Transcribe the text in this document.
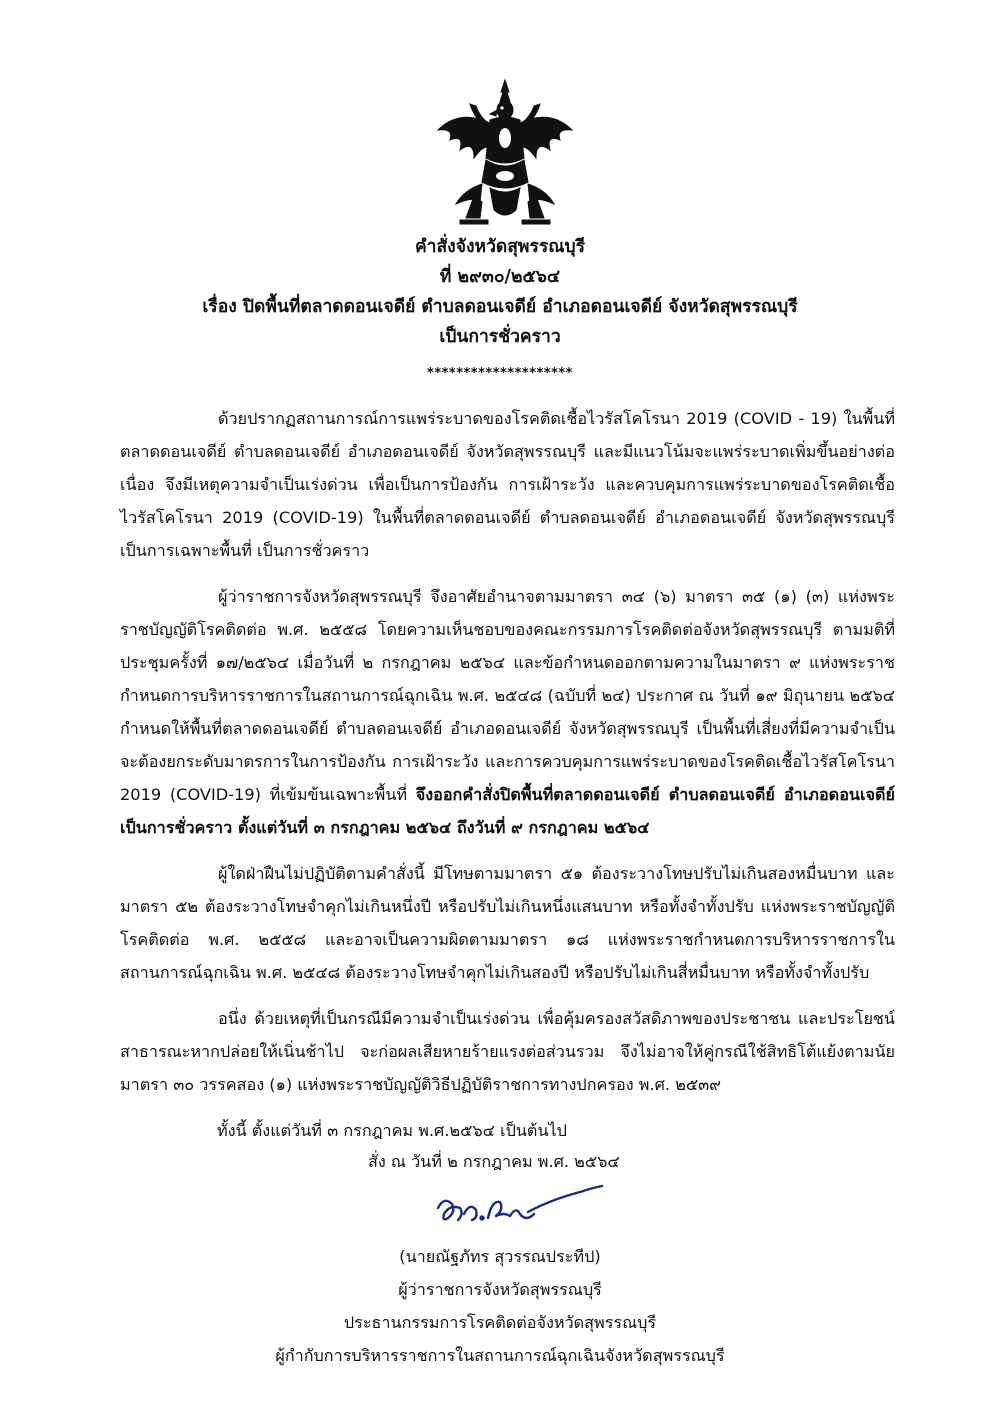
คำสั่งจังหวัดสุพรรณบุรี
ที่ ๒๙๓๐/๒๕๖๔
เรื่อง ปิดพื้นที่ตลาดดอนเจดีย์ ตำบลดอนเจดีย์ อำเภอดอนเจดีย์ จังหวัดสุพรรณบุรี
เป็นการชั่วคราว
********************

ด้วยปรากฏสถานการณ์การแพร่ระบาดของโรคติดเชื้อไวรัสโคโรนา 2019 (COVID - 19) ในพื้นที่ตลาดดอนเจดีย์ ตำบลดอนเจดีย์ อำเภอดอนเจดีย์ จังหวัดสุพรรณบุรี และมีแนวโน้มจะแพร่ระบาดเพิ่มขึ้นอย่างต่อเนื่อง จึงมีเหตุความจำเป็นเร่งด่วน เพื่อเป็นการป้องกัน การเฝ้าระวัง และควบคุมการแพร่ระบาดของโรคติดเชื้อไวรัสโคโรนา 2019 (COVID-19) ในพื้นที่ตลาดดอนเจดีย์ ตำบลดอนเจดีย์ อำเภอดอนเจดีย์ จังหวัดสุพรรณบุรี เป็นการเฉพาะพื้นที่ เป็นการชั่วคราว

ผู้ว่าราชการจังหวัดสุพรรณบุรี จึงอาศัยอำนาจตามมาตรา ๓๔ (๖) มาตรา ๓๕ (๑) (๓) แห่งพระราชบัญญัติโรคติดต่อ พ.ศ. ๒๕๕๘ โดยความเห็นชอบของคณะกรรมการโรคติดต่อจังหวัดสุพรรณบุรี ตามมติที่ประชุมครั้งที่ ๑๗/๒๕๖๔ เมื่อวันที่ ๒ กรกฎาคม ๒๕๖๔ และข้อกำหนดออกตามความในมาตรา ๙ แห่งพระราชกำหนดการบริหารราชการในสถานการณ์ฉุกเฉิน พ.ศ. ๒๕๔๘ (ฉบับที่ ๒๔) ประกาศ ณ วันที่ ๑๙ มิถุนายน ๒๕๖๔ กำหนดให้พื้นที่ตลาดดอนเจดีย์ ตำบลดอนเจดีย์ อำเภอดอนเจดีย์ จังหวัดสุพรรณบุรี เป็นพื้นที่เสี่ยงที่มีความจำเป็นจะต้องยกระดับมาตรการในการป้องกัน การเฝ้าระวัง และการควบคุมการแพร่ระบาดของโรคติดเชื้อไวรัสโคโรนา 2019 (COVID-19) ที่เข้มข้นเฉพาะพื้นที่ จึงออกคำสั่งปิดพื้นที่ตลาดดอนเจดีย์ ตำบลดอนเจดีย์ อำเภอดอนเจดีย์ เป็นการชั่วคราว ตั้งแต่วันที่ ๓ กรกฎาคม ๒๕๖๔ ถึงวันที่ ๙ กรกฎาคม ๒๕๖๔

ผู้ใดฝ่าฝืนไม่ปฏิบัติตามคำสั่งนี้ มีโทษตามมาตรา ๕๑ ต้องระวางโทษปรับไม่เกินสองหมื่นบาท และมาตรา ๕๒ ต้องระวางโทษจำคุกไม่เกินหนึ่งปี หรือปรับไม่เกินหนึ่งแสนบาท หรือทั้งจำทั้งปรับ แห่งพระราชบัญญัติโรคติดต่อ พ.ศ. ๒๕๕๘ และอาจเป็นความผิดตามมาตรา ๑๘ แห่งพระราชกำหนดการบริหารราชการในสถานการณ์ฉุกเฉิน พ.ศ. ๒๕๔๘ ต้องระวางโทษจำคุกไม่เกินสองปี หรือปรับไม่เกินสี่หมื่นบาท หรือทั้งจำทั้งปรับ

อนึ่ง ด้วยเหตุที่เป็นกรณีมีความจำเป็นเร่งด่วน เพื่อคุ้มครองสวัสดิภาพของประชาชน และประโยชน์สาธารณะหากปล่อยให้เนิ่นช้าไป จะก่อผลเสียหายร้ายแรงต่อส่วนรวม จึงไม่อาจให้คู่กรณีใช้สิทธิโต้แย้งตามนัยมาตรา ๓๐ วรรคสอง (๑) แห่งพระราชบัญญัติวิธีปฏิบัติราชการทางปกครอง พ.ศ. ๒๕๓๙

ทั้งนี้ ตั้งแต่วันที่ ๓ กรกฎาคม พ.ศ.๒๕๖๔ เป็นต้นไป

สั่ง ณ วันที่ ๒ กรกฎาคม พ.ศ. ๒๕๖๔
(นายณัฐภัทร สุวรรณประทีป)
ผู้ว่าราชการจังหวัดสุพรรณบุรี
ประธานกรรมการโรคติดต่อจังหวัดสุพรรณบุรี
ผู้กำกับการบริหารราชการในสถานการณ์ฉุกเฉินจังหวัดสุพรรณบุรี
